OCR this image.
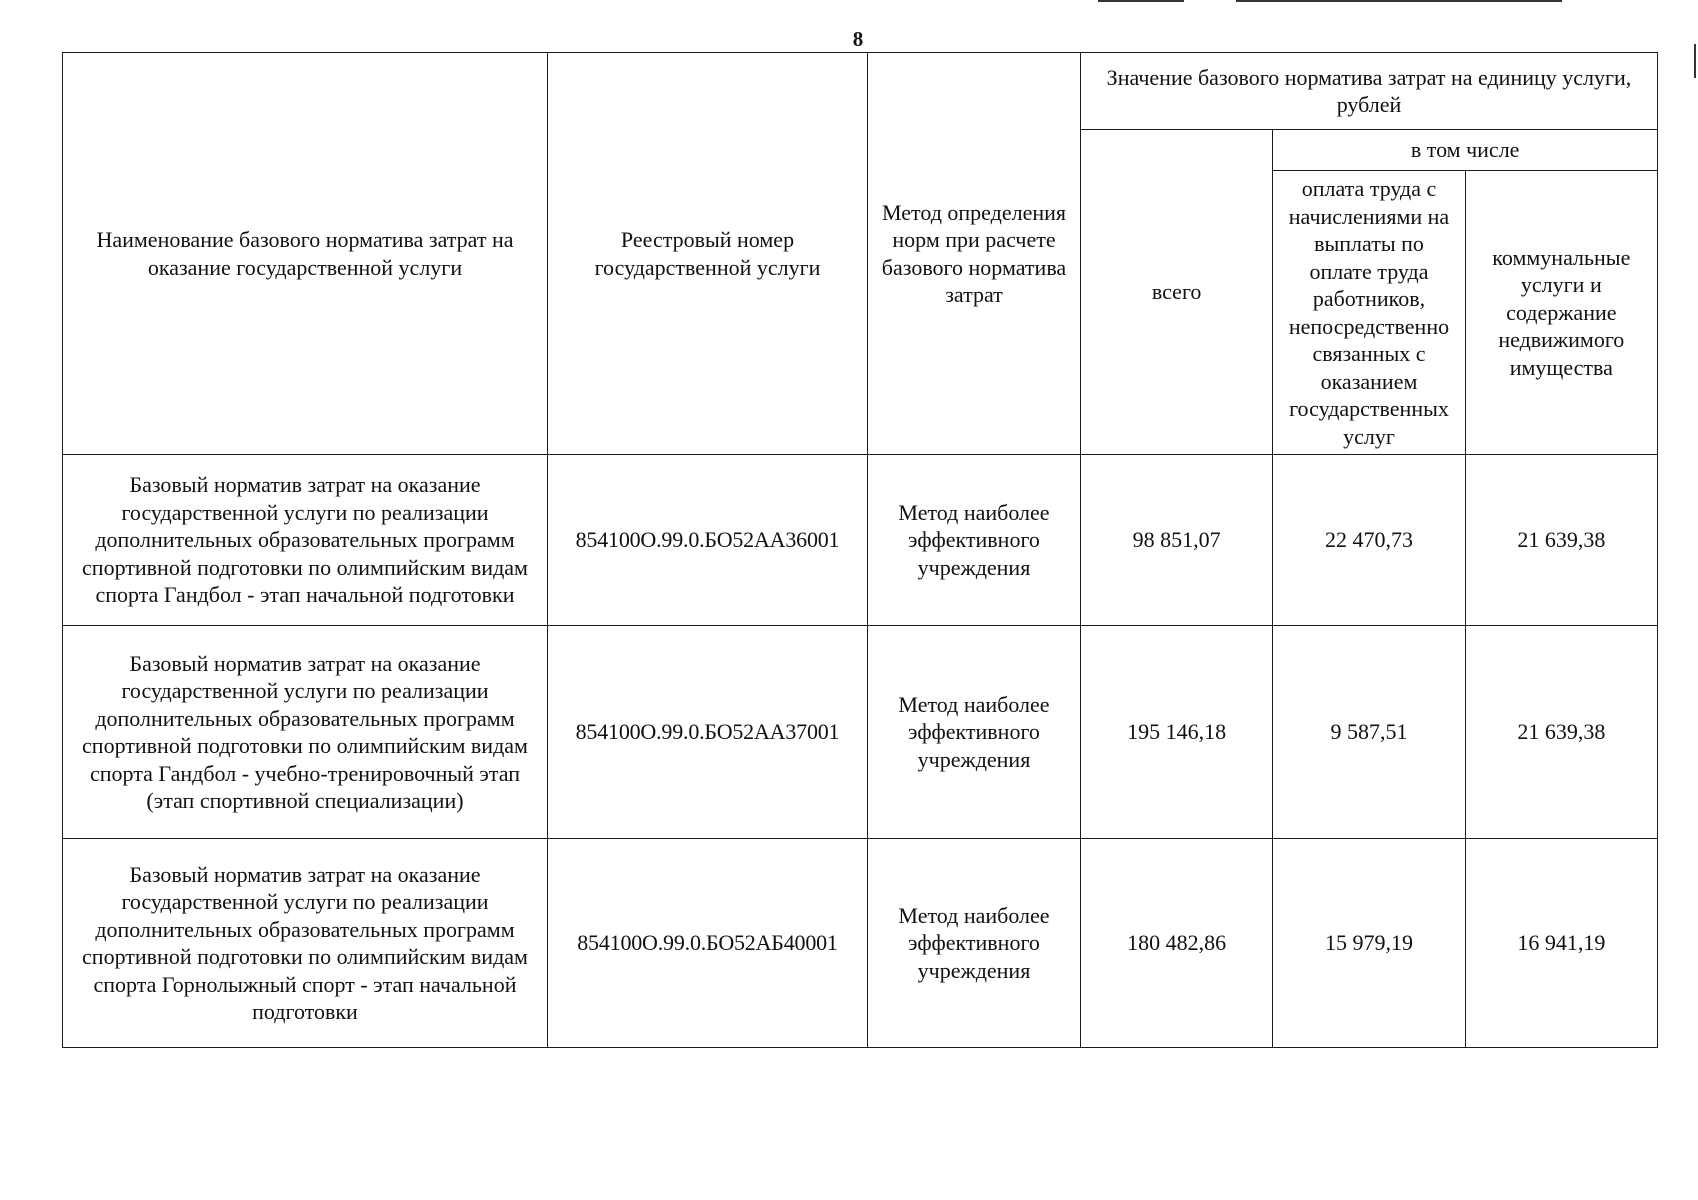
8
Наименование базового норматива затрат на оказание государственной услуги	Реестровый номер государственной услуги	Метод определения норм при расчете базового норматива затрат	Значение базового норматива затрат на единицу услуги, рублей		
			всего	в том числе	
				оплата труда с начислениями на выплаты по оплате труда работников, непосредственно связанных с оказанием государственных услуг	коммунальные услуги и содержание недвижимого имущества
Базовый норматив затрат на оказание государственной услуги по реализации дополнительных образовательных программ спортивной подготовки по олимпийским видам спорта Гандбол - этап начальной подготовки	854100О.99.0.БО52АА36001	Метод наиболее эффективного учреждения	98 851,07	22 470,73	21 639,38
Базовый норматив затрат на оказание государственной услуги по реализации дополнительных образовательных программ спортивной подготовки по олимпийским видам спорта Гандбол - учебно-тренировочный этап (этап спортивной специализации)	854100О.99.0.БО52АА37001	Метод наиболее эффективного учреждения	195 146,18	9 587,51	21 639,38
Базовый норматив затрат на оказание государственной услуги по реализации дополнительных образовательных программ спортивной подготовки по олимпийским видам спорта Горнолыжный спорт - этап начальной подготовки	854100О.99.0.БО52АБ40001	Метод наиболее эффективного учреждения	180 482,86	15 979,19	16 941,19
